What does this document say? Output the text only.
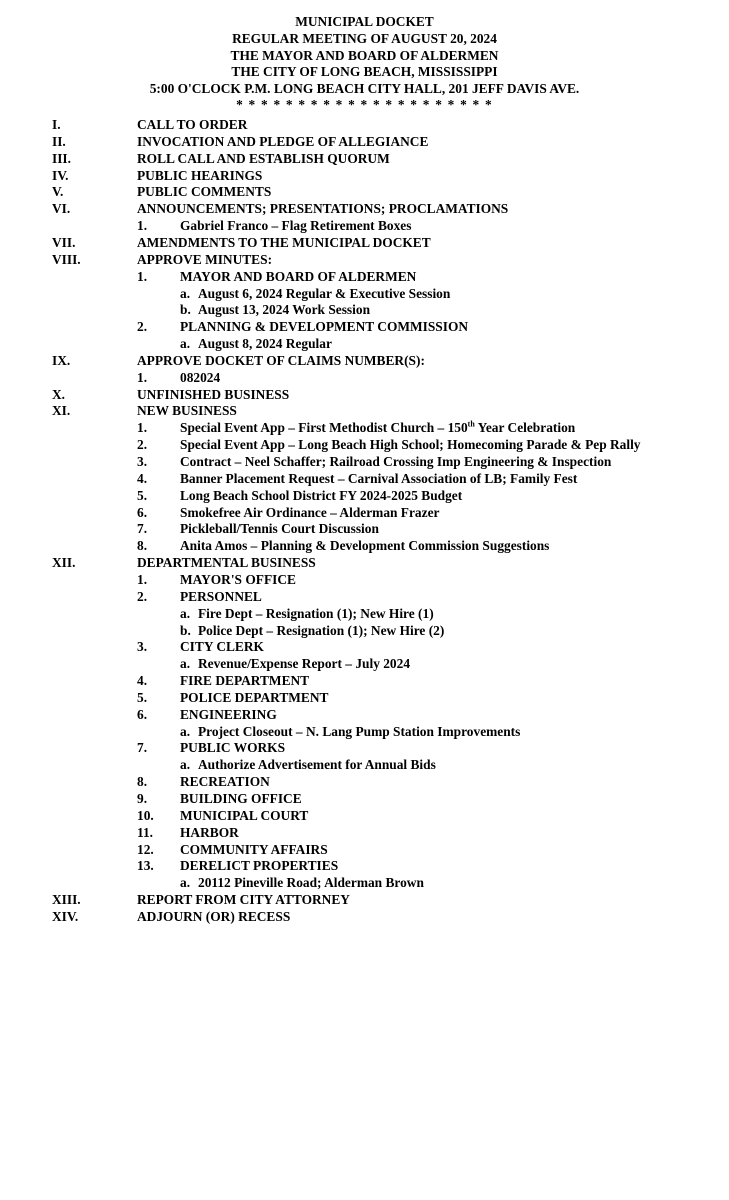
MUNICIPAL DOCKET
REGULAR MEETING OF AUGUST 20, 2024
THE MAYOR AND BOARD OF ALDERMEN
THE CITY OF LONG BEACH, MISSISSIPPI
5:00 O'CLOCK P.M. LONG BEACH CITY HALL, 201 JEFF DAVIS AVE.
* * * * * * * * * * * * * * * * * * * * *
I.	CALL TO ORDER
II.	INVOCATION AND PLEDGE OF ALLEGIANCE
III.	ROLL CALL AND ESTABLISH QUORUM
IV.	PUBLIC HEARINGS
V.	PUBLIC COMMENTS
VI.	ANNOUNCEMENTS; PRESENTATIONS; PROCLAMATIONS
1. Gabriel Franco – Flag Retirement Boxes
VII.	AMENDMENTS TO THE MUNICIPAL DOCKET
VIII.	APPROVE MINUTES:
1. MAYOR AND BOARD OF ALDERMEN
a. August 6, 2024 Regular & Executive Session
b. August 13, 2024 Work Session
2. PLANNING & DEVELOPMENT COMMISSION
a. August 8, 2024 Regular
IX.	APPROVE DOCKET OF CLAIMS NUMBER(S):
1. 082024
X.	UNFINISHED BUSINESS
XI.	NEW BUSINESS
1. Special Event App – First Methodist Church – 150th Year Celebration
2. Special Event App – Long Beach High School; Homecoming Parade & Pep Rally
3. Contract – Neel Schaffer; Railroad Crossing Imp Engineering & Inspection
4. Banner Placement Request – Carnival Association of LB; Family Fest
5. Long Beach School District FY 2024-2025 Budget
6. Smokefree Air Ordinance – Alderman Frazer
7. Pickleball/Tennis Court Discussion
8. Anita Amos – Planning & Development Commission Suggestions
XII.	DEPARTMENTAL BUSINESS
1. MAYOR'S OFFICE
2. PERSONNEL
a. Fire Dept – Resignation (1); New Hire (1)
b. Police Dept – Resignation (1); New Hire (2)
3. CITY CLERK
a. Revenue/Expense Report – July 2024
4. FIRE DEPARTMENT
5. POLICE DEPARTMENT
6. ENGINEERING
a. Project Closeout – N. Lang Pump Station Improvements
7. PUBLIC WORKS
a. Authorize Advertisement for Annual Bids
8. RECREATION
9. BUILDING OFFICE
10. MUNICIPAL COURT
11. HARBOR
12. COMMUNITY AFFAIRS
13. DERELICT PROPERTIES
a. 20112 Pineville Road; Alderman Brown
XIII.	REPORT FROM CITY ATTORNEY
XIV.	ADJOURN (OR) RECESS
